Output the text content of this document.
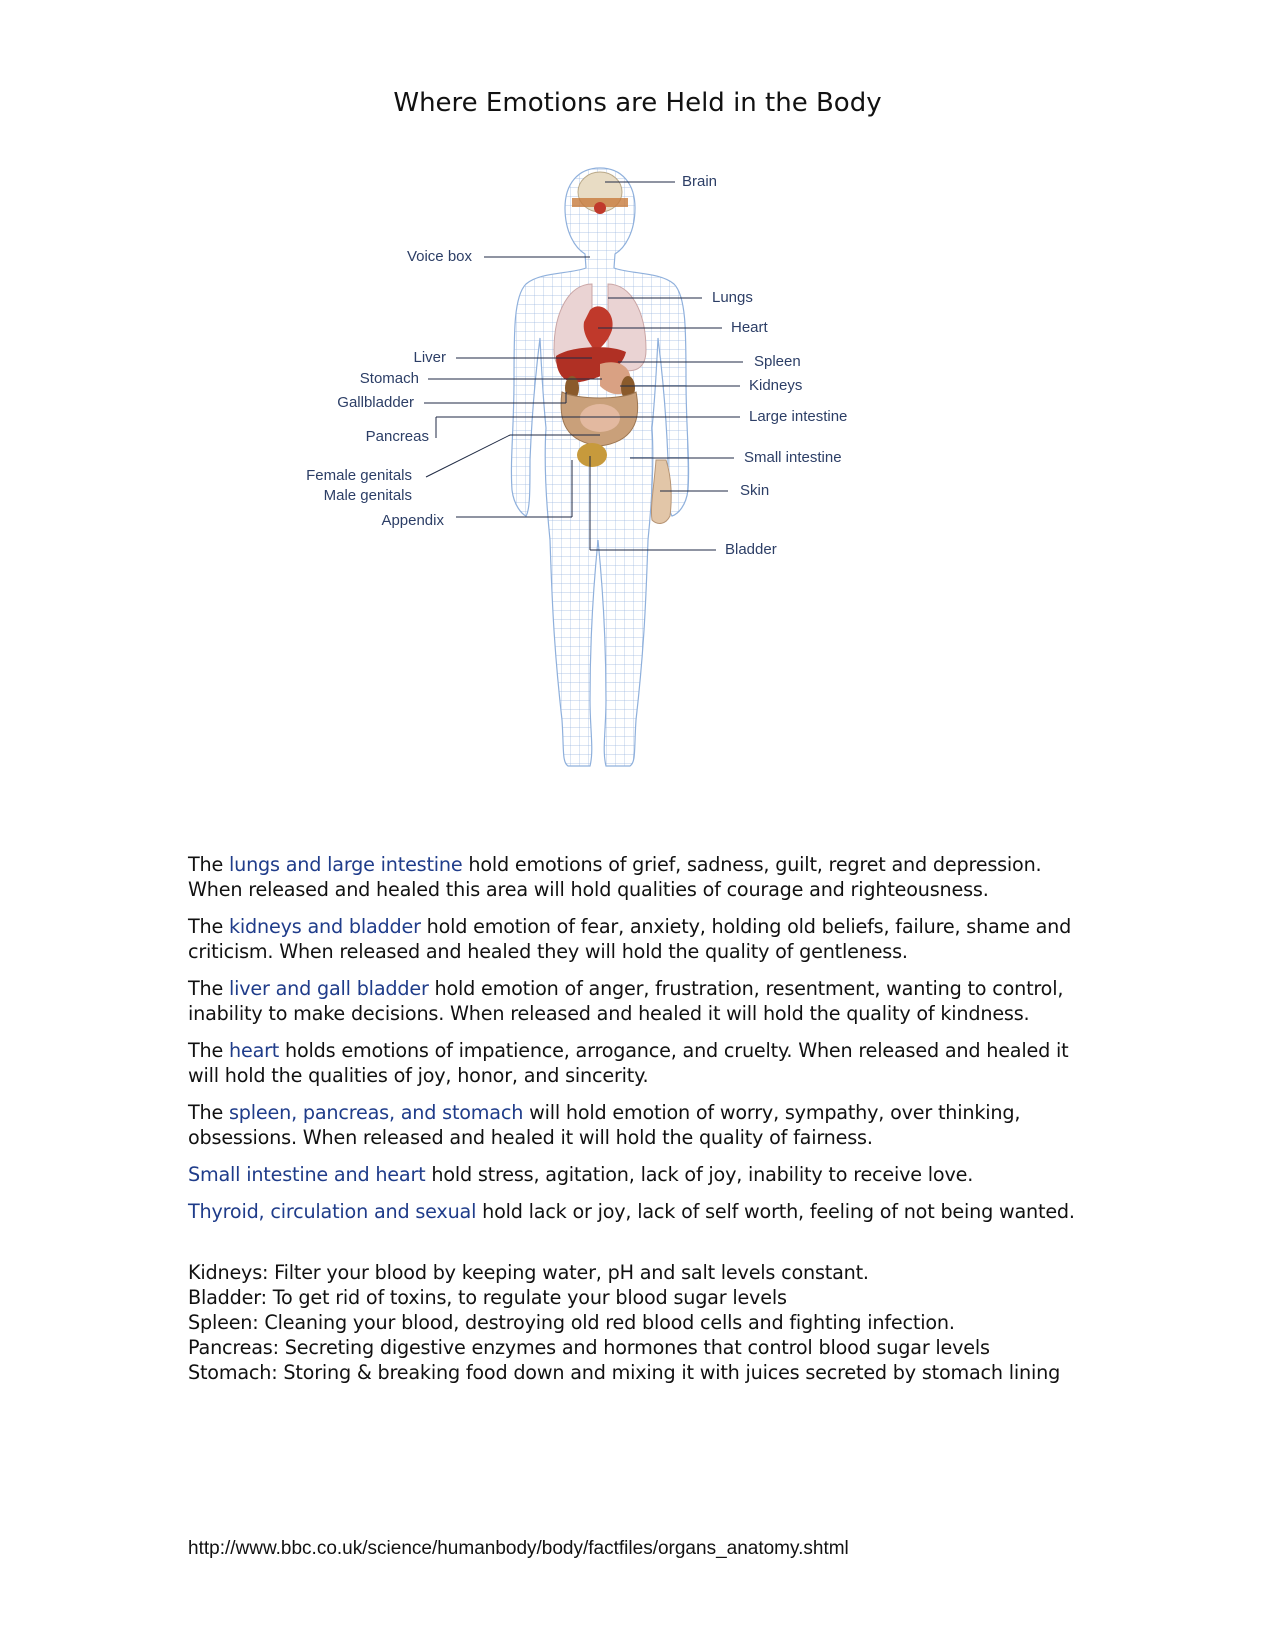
Where Emotions are Held in the Body
Brain
Voice box
Lungs
Heart
Liver	Spleen
Stomach	Kidneys
Gallbladder
Large intestine
Pancreas
Small intestine
Female genitals
Male genitals	Skin
Appendix
Bladder

The lungs and large intestine hold emotions of grief, sadness, guilt, regret and depression. When released and healed this area will hold qualities of courage and righteousness.

The kidneys and bladder hold emotion of fear, anxiety, holding old beliefs, failure, shame and criticism. When released and healed they will hold the quality of gentleness.

The liver and gall bladder hold emotion of anger, frustration, resentment, wanting to control, inability to make decisions. When released and healed it will hold the quality of kindness.

The heart holds emotions of impatience, arrogance, and cruelty. When released and healed it will hold the qualities of joy, honor, and sincerity.

The spleen, pancreas, and stomach will hold emotion of worry, sympathy, over thinking, obsessions. When released and healed it will hold the quality of fairness.

Small intestine and heart hold stress, agitation, lack of joy, inability to receive love.

Thyroid, circulation and sexual hold lack or joy, lack of self worth, feeling of not being wanted.

Kidneys: Filter your blood by keeping water, pH and salt levels constant.

Bladder: To get rid of toxins, to regulate your blood sugar levels

Spleen: Cleaning your blood, destroying old red blood cells and fighting infection.

Pancreas: Secreting digestive enzymes and hormones that control blood sugar levels

Stomach: Storing & breaking food down and mixing it with juices secreted by stomach lining

http://www.bbc.co.uk/science/humanbody/body/factfiles/organs_anatomy.shtml
